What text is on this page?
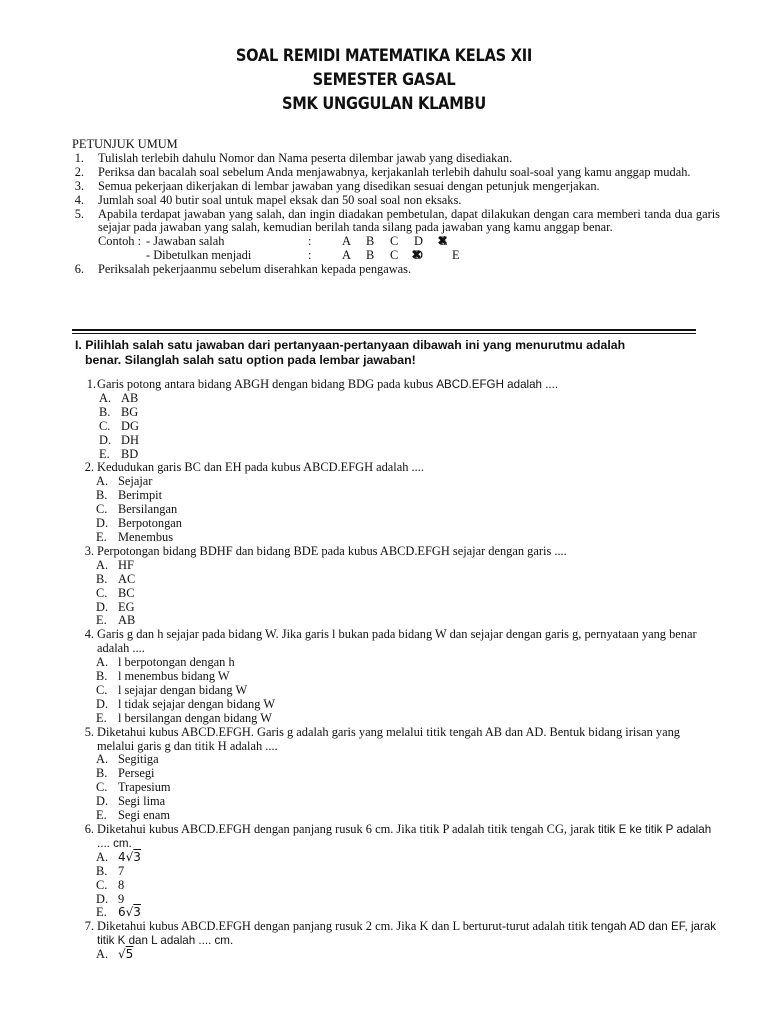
SOAL REMIDI MATEMATIKA KELAS XII
SEMESTER GASAL
SMK UNGGULAN KLAMBU
PETUNJUK UMUM
1. Tulislah terlebih dahulu Nomor dan Nama peserta dilembar jawab yang disediakan.
2. Periksa dan bacalah soal sebelum Anda menjawabnya, kerjakanlah terlebih dahulu soal-soal yang kamu anggap mudah.
3. Semua pekerjaan dikerjakan di lembar jawaban yang disedikan sesuai dengan petunjuk mengerjakan.
4. Jumlah soal 40 butir soal untuk mapel eksak dan 50 soal soal non eksaks.
5. Apabila terdapat jawaban yang salah, dan ingin diadakan pembetulan, dapat dilakukan dengan cara memberi tanda dua garis sejajar pada jawaban yang salah, kemudian berilah tanda silang pada jawaban yang kamu anggap benar.
Contoh : - Jawaban salah	: A B C D E ✖
- Dibetulkan menjadi	: A B C D ✖ E
6. Periksalah pekerjaanmu sebelum diserahkan kepada pengawas.
I. Pilihlah salah satu jawaban dari pertanyaan-pertanyaan dibawah ini yang menurutmu adalah
benar. Silanglah salah satu option pada lembar jawaban!
1. Garis potong antara bidang ABGH dengan bidang BDG pada kubus ABCD.EFGH adalah ....
A. AB
B. BG
C. DG
D. DH
E. BD
2. Kedudukan garis BC dan EH pada kubus ABCD.EFGH adalah ....
A. Sejajar
B. Berimpit
C. Bersilangan
D. Berpotongan
E. Menembus
3. Perpotongan bidang BDHF dan bidang BDE pada kubus ABCD.EFGH sejajar dengan garis ....
A. HF
B. AC
C. BC
D. EG
E. AB
4. Garis g dan h sejajar pada bidang W. Jika garis l bukan pada bidang W dan sejajar dengan garis g, pernyataan yang benar adalah ....
A. l berpotongan dengan h
B. l menembus bidang W
C. l sejajar dengan bidang W
D. l tidak sejajar dengan bidang W
E. l bersilangan dengan bidang W
5. Diketahui kubus ABCD.EFGH. Garis g adalah garis yang melalui titik tengah AB dan AD. Bentuk bidang irisan yang melalui garis g dan titik H adalah ....
A. Segitiga
B. Persegi
C. Trapesium
D. Segi lima
E. Segi enam
6. Diketahui kubus ABCD.EFGH dengan panjang rusuk 6 cm. Jika titik P adalah titik tengah CG, jarak titik E ke titik P adalah .... cm.
A. 4√3
B. 7
C. 8
D. 9
E. 6√3
7. Diketahui kubus ABCD.EFGH dengan panjang rusuk 2 cm. Jika K dan L berturut-turut adalah titik tengah AD dan EF, jarak titik K dan L adalah .... cm.
A. √5
